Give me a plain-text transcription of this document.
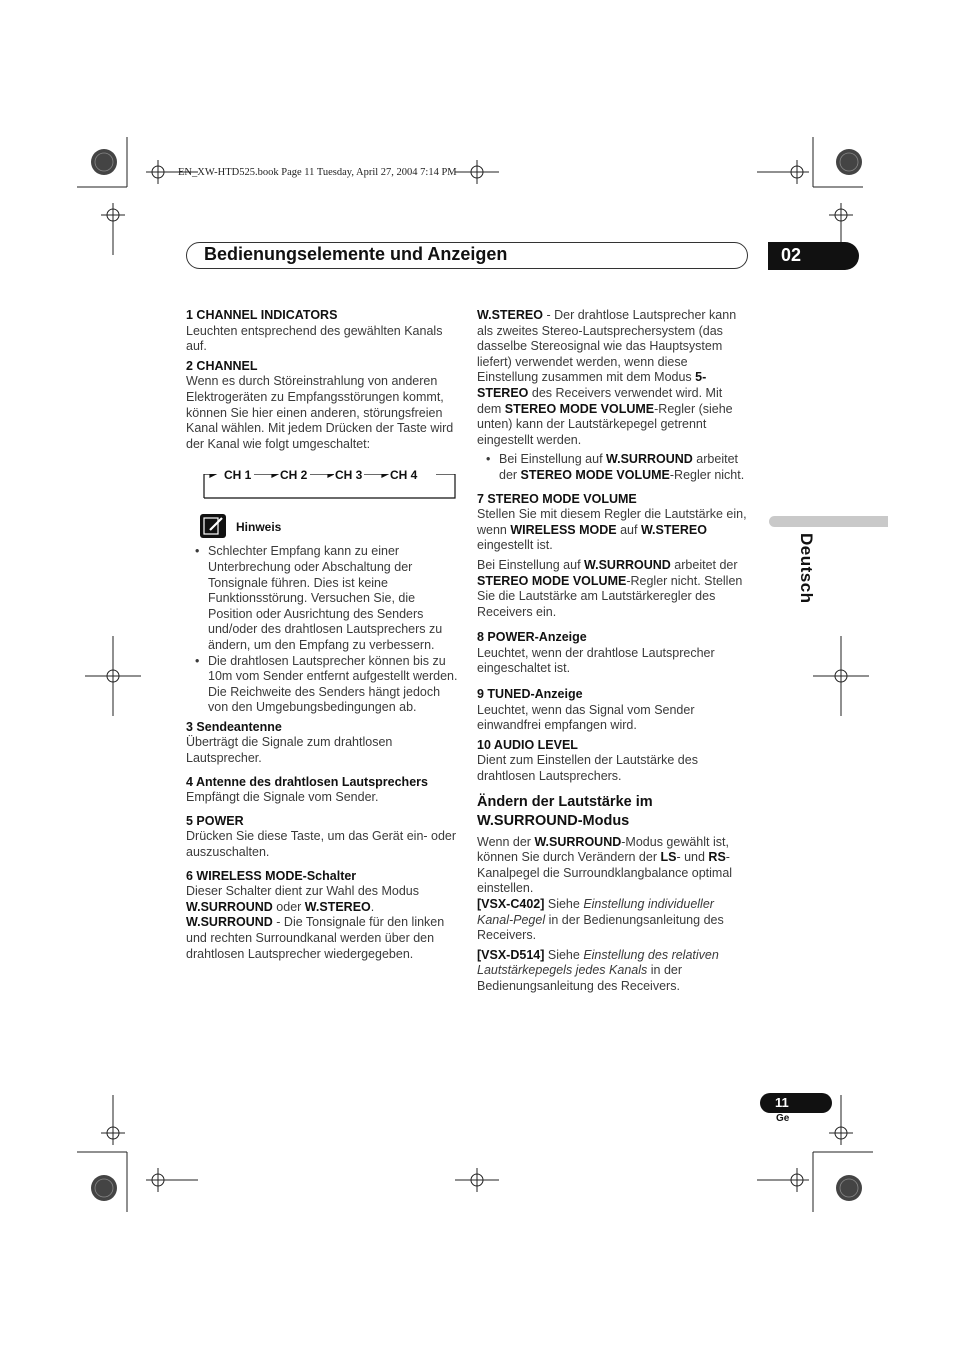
EN_XW-HTD525.book Page 11 Tuesday, April 27, 2004 7:14 PM
Bedienungselemente und Anzeigen	02
Deutsch

1 CHANNEL INDICATORS

Leuchten entsprechend des gewählten Kanals auf.

2 CHANNEL

Wenn es durch Störeinstrahlung von anderen Elektrogeräten zu Empfangsstörungen kommt, können Sie hier einen anderen, störungsfreien Kanal wählen. Mit jedem Drücken der Taste wird der Kanal wie folgt umgeschaltet:

CH 1 CH 2 CH 3 CH 4
Hinweis
• Schlechter Empfang kann zu einer Unterbrechung oder Abschaltung der Tonsignale führen. Dies ist keine Funktionsstörung. Versuchen Sie, die Position oder Ausrichtung des Senders und/oder des drahtlosen Lautsprechers zu ändern, um den Empfang zu verbessern.
• Die drahtlosen Lautsprecher können bis zu 10m vom Sender entfernt aufgestellt werden. Die Reichweite des Senders hängt jedoch von den Umgebungsbedingungen ab.

3 Sendeantenne

Überträgt die Signale zum drahtlosen Lautsprecher.

4 Antenne des drahtlosen Lautsprechers

Empfängt die Signale vom Sender.

5 POWER

Drücken Sie diese Taste, um das Gerät ein- oder auszuschalten.

6 WIRELESS MODE-Schalter

Dieser Schalter dient zur Wahl des Modus W.SURROUND oder W.STEREO.

W.SURROUND - Die Tonsignale für den linken und rechten Surroundkanal werden über den drahtlosen Lautsprecher wiedergegeben.

W.STEREO - Der drahtlose Lautsprecher kann als zweites Stereo-Lautsprechersystem (das dasselbe Stereosignal wie das Hauptsystem liefert) verwendet werden, wenn diese Einstellung zusammen mit dem Modus 5-STEREO des Receivers verwendet wird. Mit dem STEREO MODE VOLUME-Regler (siehe unten) kann der Lautstärkepegel getrennt eingestellt werden.

• Bei Einstellung auf W.SURROUND arbeitet der STEREO MODE VOLUME-Regler nicht.

7 STEREO MODE VOLUME

Stellen Sie mit diesem Regler die Lautstärke ein, wenn WIRELESS MODE auf W.STEREO eingestellt ist.

Bei Einstellung auf W.SURROUND arbeitet der STEREO MODE VOLUME-Regler nicht. Stellen Sie die Lautstärke am Lautstärkeregler des Receivers ein.

8 POWER-Anzeige

Leuchtet, wenn der drahtlose Lautsprecher eingeschaltet ist.

9 TUNED-Anzeige

Leuchtet, wenn das Signal vom Sender einwandfrei empfangen wird.

10 AUDIO LEVEL

Dient zum Einstellen der Lautstärke des drahtlosen Lautsprechers.

Ändern der Lautstärke im
W.SURROUND-Modus

Wenn der W.SURROUND-Modus gewählt ist, können Sie durch Verändern der LS- und RS-Kanalpegel die Surroundklangbalance optimal einstellen.

[VSX-C402] Siehe Einstellung individueller Kanal-Pegel in der Bedienungsanleitung des Receivers.

[VSX-D514] Siehe Einstellung des relativen Lautstärkepegels jedes Kanals in der Bedienungsanleitung des Receivers.

11
Ge
